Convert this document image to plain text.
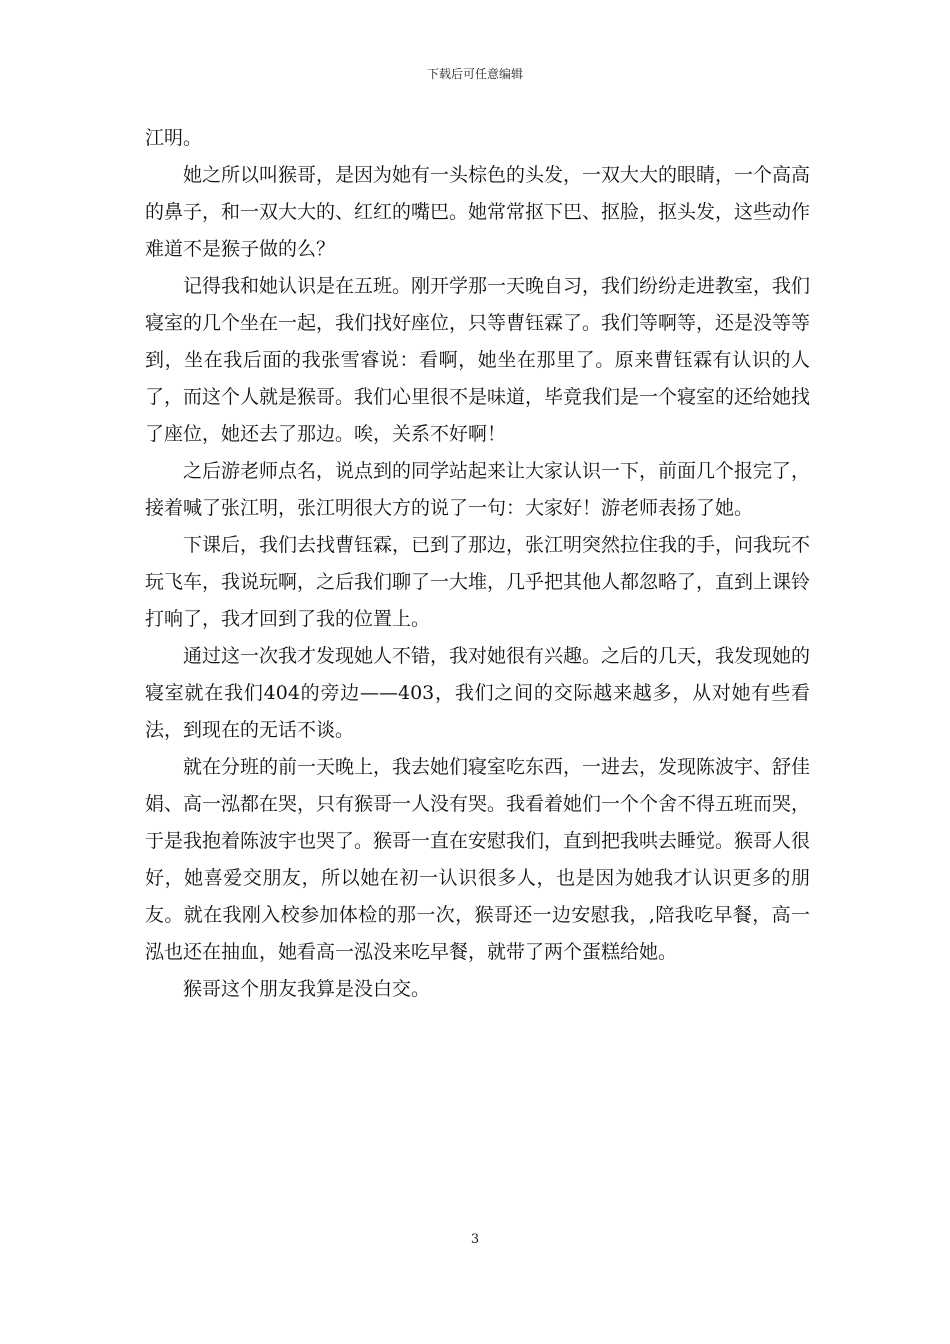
下载后可任意编辑

江明。

她之所以叫猴哥，是因为她有一头棕色的头发，一双大大的眼睛，一个高高的鼻子，和一双大大的、红红的嘴巴。她常常抠下巴、抠脸，抠头发，这些动作难道不是猴子做的么？

记得我和她认识是在五班。刚开学那一天晚自习，我们纷纷走进教室，我们寝室的几个坐在一起，我们找好座位，只等曹钰霖了。我们等啊等，还是没等等到，坐在我后面的我张雪睿说：看啊，她坐在那里了。原来曹钰霖有认识的人了，而这个人就是猴哥。我们心里很不是味道，毕竟我们是一个寝室的还给她找了座位，她还去了那边。唉，关系不好啊！

之后游老师点名，说点到的同学站起来让大家认识一下，前面几个报完了，接着喊了张江明，张江明很大方的说了一句：大家好！游老师表扬了她。

下课后，我们去找曹钰霖，已到了那边，张江明突然拉住我的手，问我玩不玩飞车，我说玩啊，之后我们聊了一大堆，几乎把其他人都忽略了，直到上课铃打响了，我才回到了我的位置上。

通过这一次我才发现她人不错，我对她很有兴趣。之后的几天，我发现她的寝室就在我们404的旁边——403，我们之间的交际越来越多，从对她有些看法，到现在的无话不谈。

就在分班的前一天晚上，我去她们寝室吃东西，一进去，发现陈波宇、舒佳娟、高一泓都在哭，只有猴哥一人没有哭。我看着她们一个个舍不得五班而哭，于是我抱着陈波宇也哭了。猴哥一直在安慰我们，直到把我哄去睡觉。猴哥人很好，她喜爱交朋友，所以她在初一认识很多人，也是因为她我才认识更多的朋友。就在我刚入校参加体检的那一次，猴哥还一边安慰我，,陪我吃早餐，高一泓也还在抽血，她看高一泓没来吃早餐，就带了两个蛋糕给她。

猴哥这个朋友我算是没白交。

3
